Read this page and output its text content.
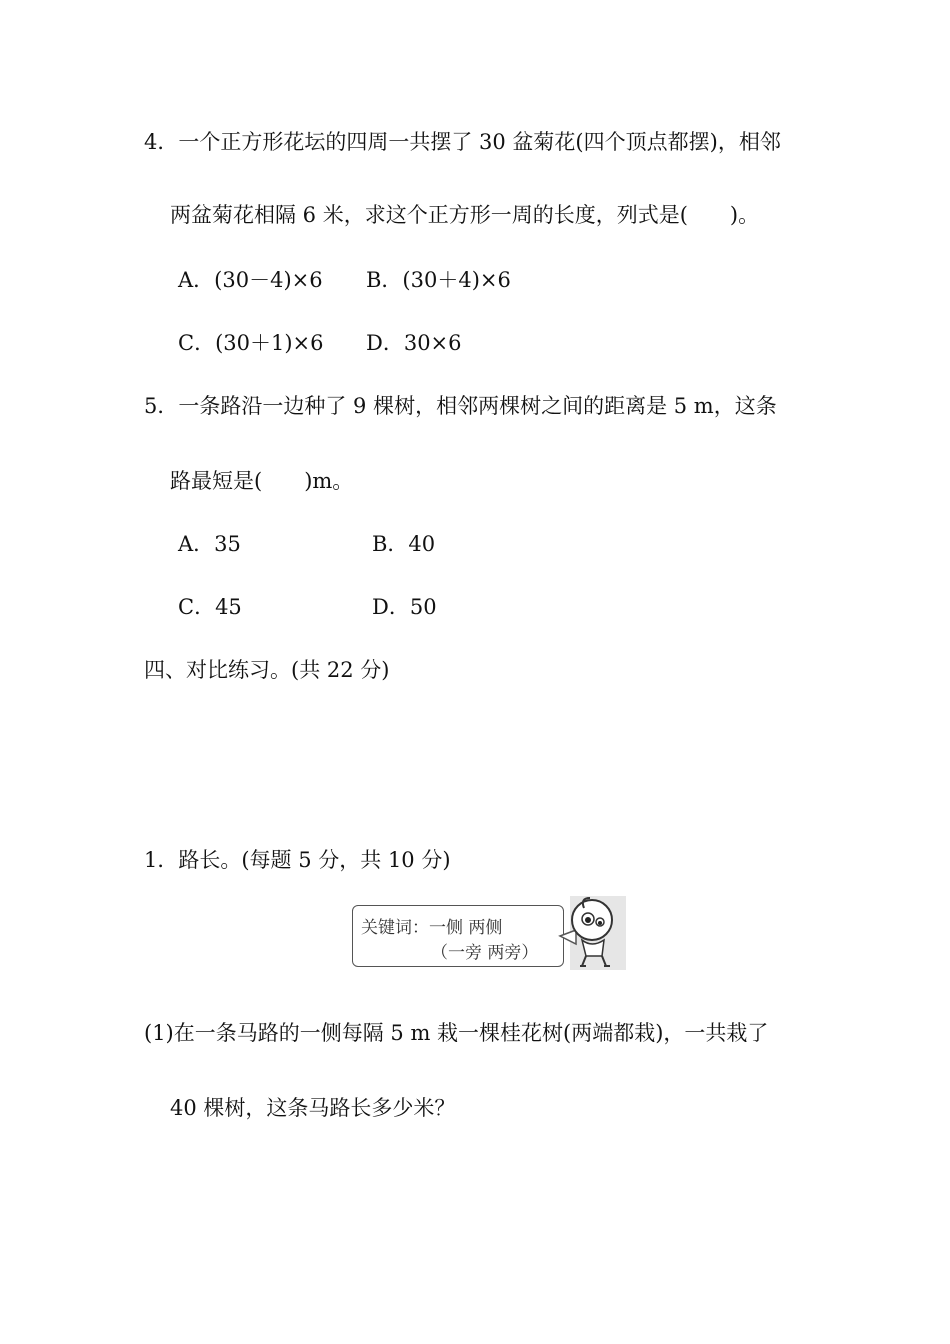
4．一个正方形花坛的四周一共摆了 30 盆菊花(四个顶点都摆)，相邻
两盆菊花相隔 6 米，求这个正方形一周的长度，列式是(　　)。
A．(30－4)×6 B．(30＋4)×6
C．(30＋1)×6 D．30×6
5．一条路沿一边种了 9 棵树，相邻两棵树之间的距离是 5 m，这条
路最短是(　　)m。
A．35	B．40
C．45	D．50
四、对比练习。(共 22 分)
1．路长。(每题 5 分，共 10 分)
关键词：一侧 两侧
（一旁 两旁）
(1)在一条马路的一侧每隔 5 m 栽一棵桂花树(两端都栽)，一共栽了
40 棵树，这条马路长多少米？
